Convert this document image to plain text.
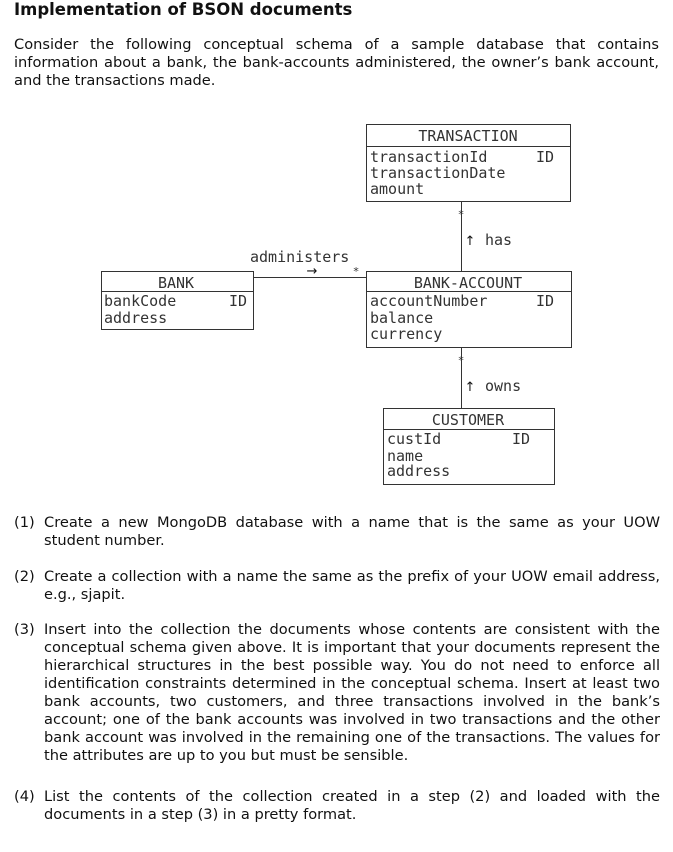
Implementation of BSON documents

Consider the following conceptual schema of a sample database that contains information about a bank, the bank-accounts administered, the owner’s bank account, and the transactions made.

TRANSACTION
transactionId	ID
transactionDate
amount
*
↑ has
administers
→	*
BANK
bankCode	ID
address
BANK-ACCOUNT
accountNumber	ID
balance
currency
*
↑ owns
CUSTOMER
custId	ID
name
address
(1) Create a new MongoDB database with a name that is the same as your UOW student number.
(2) Create a collection with a name the same as the prefix of your UOW email address, e.g., sjapit.
(3) Insert into the collection the documents whose contents are consistent with the conceptual schema given above. It is important that your documents represent the hierarchical structures in the best possible way. You do not need to enforce all identification constraints determined in the conceptual schema. Insert at least two bank accounts, two customers, and three transactions involved in the bank’s account; one of the bank accounts was involved in two transactions and the other bank account was involved in the remaining one of the transactions. The values for the attributes are up to you but must be sensible.
(4) List the contents of the collection created in a step (2) and loaded with the documents in a step (3) in a pretty format.
